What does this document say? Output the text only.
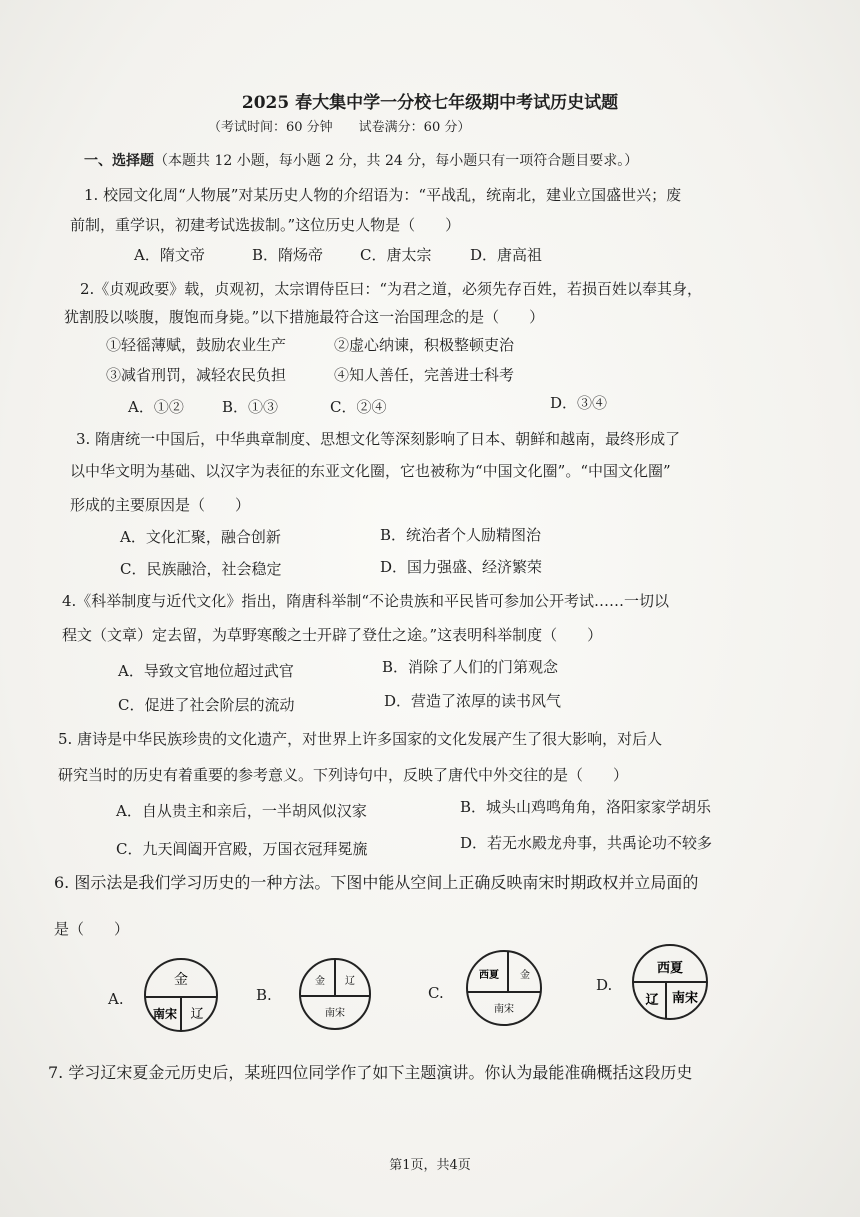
2025 春大集中学一分校七年级期中考试历史试题
（考试时间：60 分钟　　试卷满分：60 分）
一、选择题（本题共 12 小题，每小题 2 分，共 24 分，每小题只有一项符合题目要求。）
1. 校园文化周“人物展”对某历史人物的介绍语为：“平战乱，统南北，建业立国盛世兴；废
前制，重学识，初建考试选拔制。”这位历史人物是（　　）
A．隋文帝	B．隋炀帝 C．唐太宗	D．唐高祖
2.《贞观政要》载，贞观初，太宗谓侍臣曰：“为君之道，必须先存百姓，若损百姓以奉其身，
犹割股以啖腹，腹饱而身毙。”以下措施最符合这一治国理念的是（　　）
①轻徭薄赋，鼓励农业生产	②虚心纳谏，积极整顿吏治
③减省刑罚，减轻农民负担	④知人善任，完善进士科考
A．①②	B．①③	C．②④	D．③④
3. 隋唐统一中国后，中华典章制度、思想文化等深刻影响了日本、朝鲜和越南，最终形成了
以中华文明为基础、以汉字为表征的东亚文化圈，它也被称为“中国文化圈”。“中国文化圈”
形成的主要原因是（　　）
A．文化汇聚，融合创新	B．统治者个人励精图治
C．民族融洽，社会稳定	D．国力强盛、经济繁荣
4.《科举制度与近代文化》指出，隋唐科举制“不论贵族和平民皆可参加公开考试……一切以
程文（文章）定去留，为草野寒酸之士开辟了登仕之途。”这表明科举制度（　　）
A．导致文官地位超过武官	B．消除了人们的门第观念
C．促进了社会阶层的流动	D．营造了浓厚的读书风气
5. 唐诗是中华民族珍贵的文化遗产，对世界上许多国家的文化发展产生了很大影响，对后人
研究当时的历史有着重要的参考意义。下列诗句中，反映了唐代中外交往的是（　　）
A．自从贵主和亲后，一半胡风似汉家	B．城头山鸡鸣角角，洛阳家家学胡乐
C．九天阊阖开宫殿，万国衣冠拜冕旒	D．若无水殿龙舟事，共禹论功不较多
6. 图示法是我们学习历史的一种方法。下图中能从空间上正确反映南宋时期政权并立局面的
是（　　）
A.
金
南宋 辽
B.
金 辽
南宋
C.
西夏 金
南宋
D.
西夏
辽 南宋
7. 学习辽宋夏金元历史后，某班四位同学作了如下主题演讲。你认为最能准确概括这段历史
第1页，共4页
